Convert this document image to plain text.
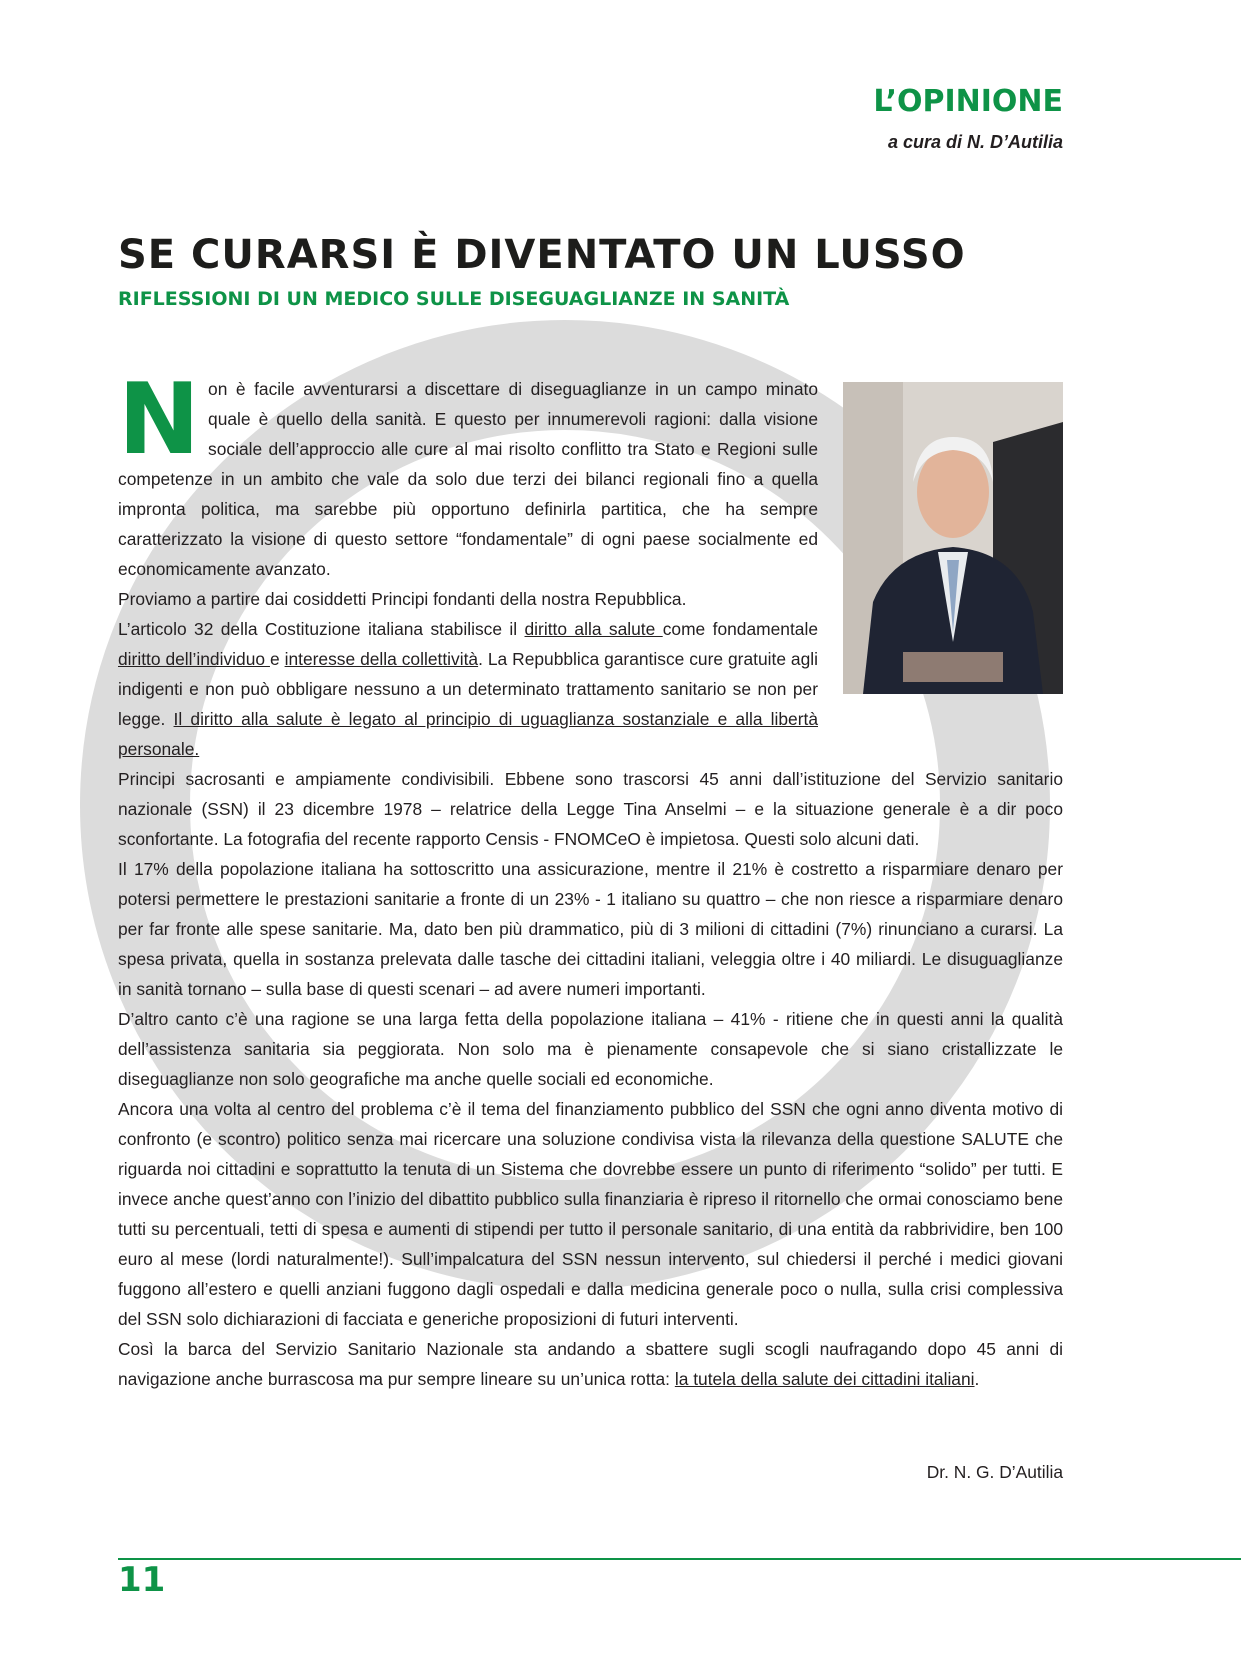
L’OPINIONE
a cura di N. D’Autilia
SE CURARSI È DIVENTATO UN LUSSO
RIFLESSIONI DI UN MEDICO SULLE DISEGUAGLIANZE IN SANITÀ

Non è facile avventurarsi a discettare di diseguaglianze in un campo minato quale è quello della sanità. E questo per innumerevoli ragioni: dalla visione sociale dell’approccio alle cure al mai risolto conflitto tra Stato e Regioni sulle competenze in un ambito che vale da solo due terzi dei bilanci regionali fino a quella impronta politica, ma sarebbe più opportuno definirla partitica, che ha sempre caratterizzato la visione di questo settore “fondamentale” di ogni paese socialmente ed economicamente avanzato.

Proviamo a partire dai cosiddetti Principi fondanti della nostra Repubblica.

L’articolo 32 della Costituzione italiana stabilisce il diritto alla salute come fondamentale diritto dell’individuo e interesse della collettività. La Repubblica garantisce cure gratuite agli indigenti e non può obbligare nessuno a un determinato trattamento sanitario se non per legge. Il diritto alla salute è legato al principio di uguaglianza sostanziale e alla libertà personale.

Principi sacrosanti e ampiamente condivisibili. Ebbene sono trascorsi 45 anni dall’istituzione del Servizio sanitario nazionale (SSN) il 23 dicembre 1978 – relatrice della Legge Tina Anselmi – e la situazione generale è a dir poco sconfortante. La fotografia del recente rapporto Censis - FNOMCeO è impietosa. Questi solo alcuni dati.

Il 17% della popolazione italiana ha sottoscritto una assicurazione, mentre il 21% è costretto a risparmiare denaro per potersi permettere le prestazioni sanitarie a fronte di un 23% - 1 italiano su quattro – che non riesce a risparmiare denaro per far fronte alle spese sanitarie. Ma, dato ben più drammatico, più di 3 milioni di cittadini (7%) rinunciano a curarsi. La spesa privata, quella in sostanza prelevata dalle tasche dei cittadini italiani, veleggia oltre i 40 miliardi. Le disuguaglianze in sanità tornano – sulla base di questi scenari – ad avere numeri importanti.

D’altro canto c’è una ragione se una larga fetta della popolazione italiana – 41% - ritiene che in questi anni la qualità dell’assistenza sanitaria sia peggiorata. Non solo ma è pienamente consapevole che si siano cristallizzate le diseguaglianze non solo geografiche ma anche quelle sociali ed economiche.

Ancora una volta al centro del problema c’è il tema del finanziamento pubblico del SSN che ogni anno diventa motivo di confronto (e scontro) politico senza mai ricercare una soluzione condivisa vista la rilevanza della questione SALUTE che riguarda noi cittadini e soprattutto la tenuta di un Sistema che dovrebbe essere un punto di riferimento “solido” per tutti. E invece anche quest’anno con l’inizio del dibattito pubblico sulla finanziaria è ripreso il ritornello che ormai conosciamo bene tutti su percentuali, tetti di spesa e aumenti di stipendi per tutto il personale sanitario, di una entità da rabbrividire, ben 100 euro al mese (lordi naturalmente!). Sull’impalcatura del SSN nessun intervento, sul chiedersi il perché i medici giovani fuggono all’estero e quelli anziani fuggono dagli ospedali e dalla medicina generale poco o nulla, sulla crisi complessiva del SSN solo dichiarazioni di facciata e generiche proposizioni di futuri interventi.

Così la barca del Servizio Sanitario Nazionale sta andando a sbattere sugli scogli naufragando dopo 45 anni di navigazione anche burrascosa ma pur sempre lineare su un’unica rotta: la tutela della salute dei cittadini italiani.

Dr. N. G. D’Autilia
11
